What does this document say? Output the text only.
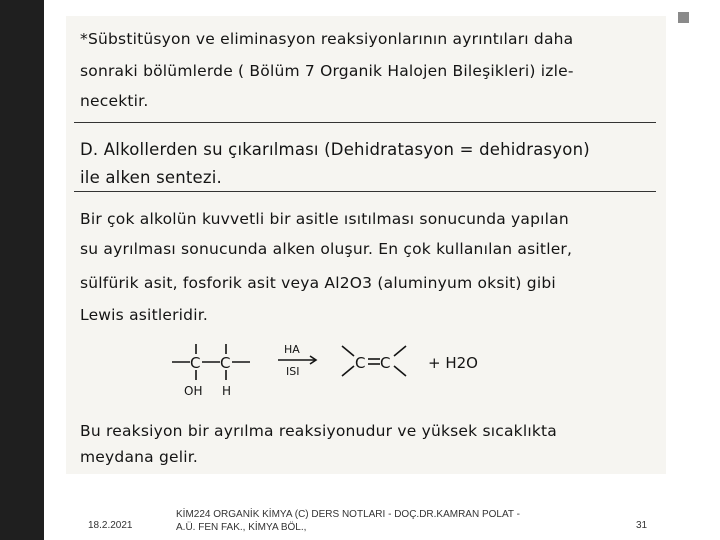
*Sübstitüsyon ve eliminasyon reaksiyonlarının ayrıntıları daha
sonraki bölümlerde ( Bölüm 7 Organik Halojen Bileşikleri) izle-
necektir.
D. Alkollerden su çıkarılması (Dehidratasyon = dehidrasyon)
ile alken sentezi.
Bir çok alkolün kuvvetli bir asitle ısıtılması sonucunda yapılan
su ayrılması sonucunda alken oluşur. En çok kullanılan asitler,
sülfürik asit, fosforik asit veya Al2O3 (aluminyum oksit) gibi
Lewis asitleridir.
C C
OH H
HA
ISI	C C	+ H2O
Bu reaksiyon bir ayrılma reaksiyonudur ve yüksek sıcaklıkta
meydana gelir.
18.2.2021
KİM224 ORGANİK KİMYA (C) DERS NOTLARI - DOÇ.DR.KAMRAN POLAT - A.Ü. FEN FAK., KİMYA BÖL.,	31
